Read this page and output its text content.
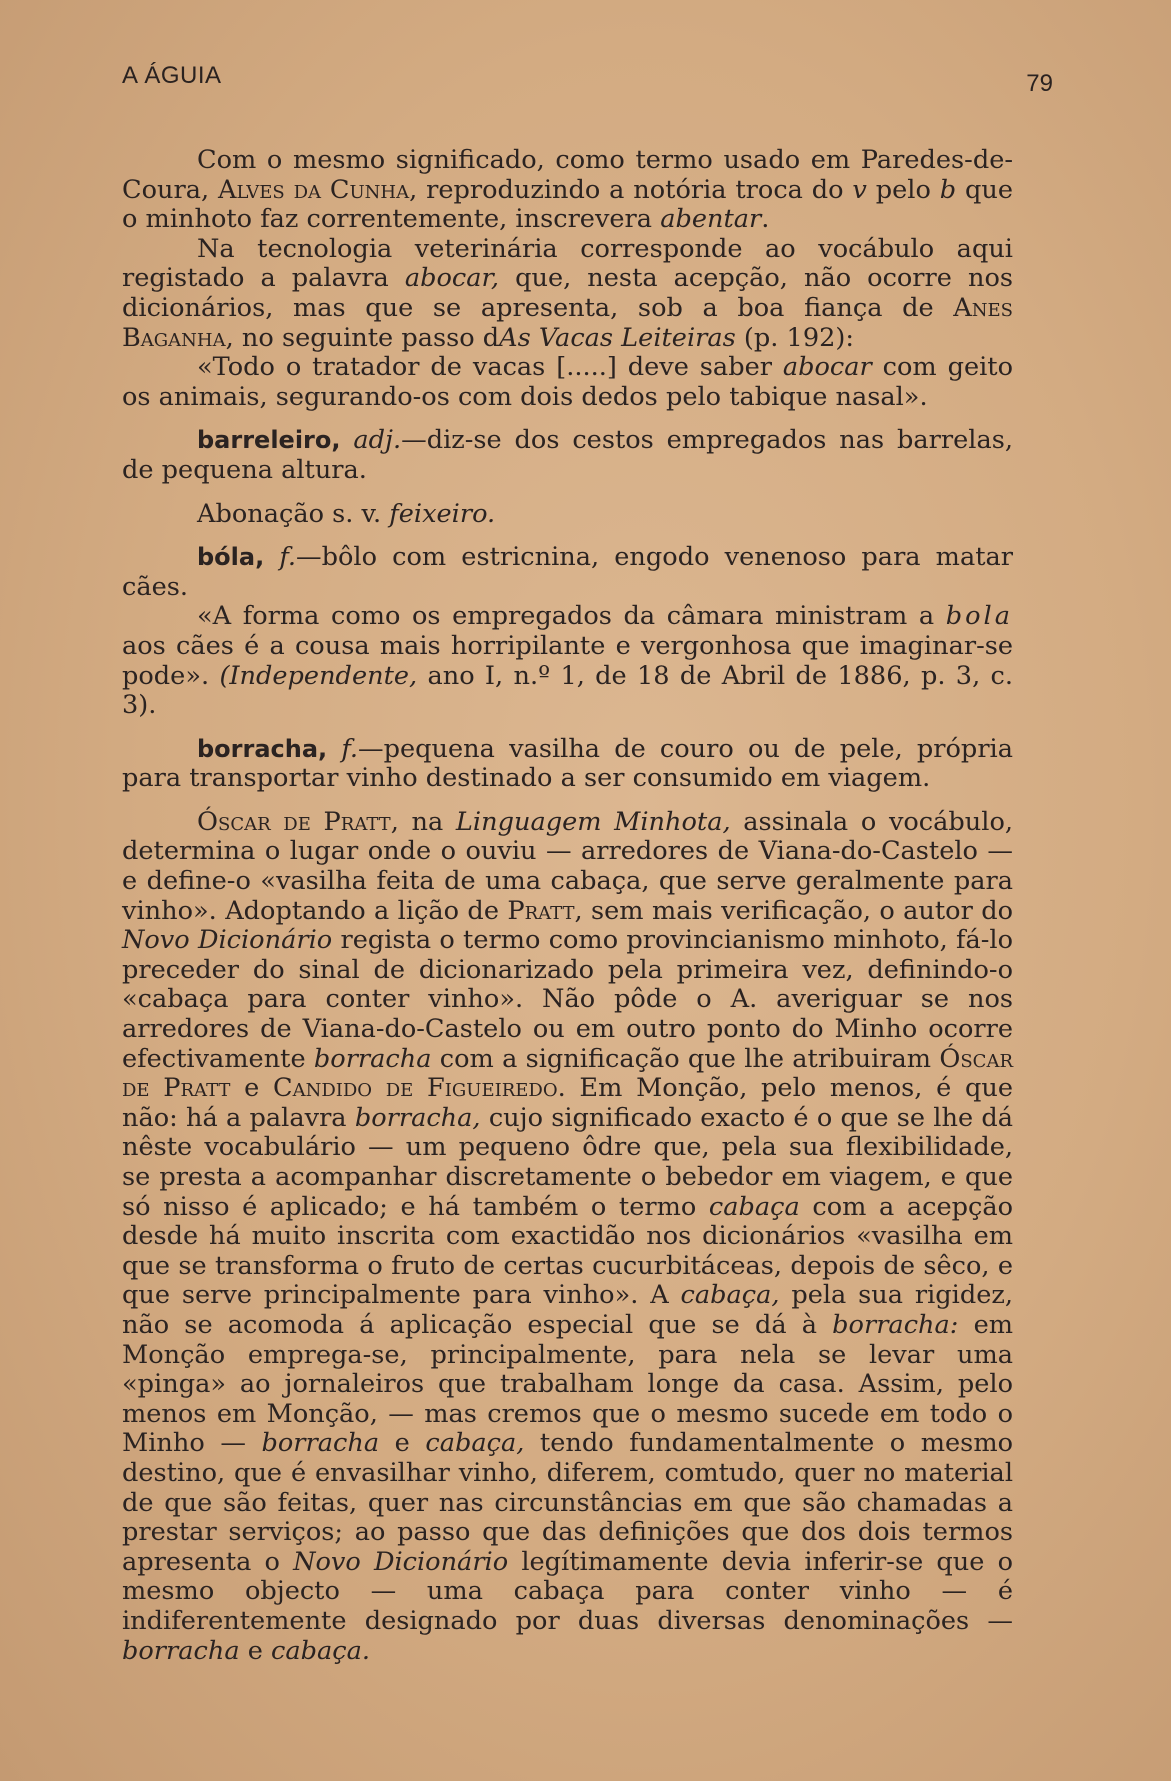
A ÁGUIA	79

Com o mesmo significado, como termo usado em Paredes-de-Coura, Alves da Cunha, reproduzindo a notória troca do v pelo b que o minhoto faz correntemente, inscrevera abentar.

Na tecnologia veterinária corresponde ao vocábulo aqui registado a palavra abocar, que, nesta acepção, não ocorre nos dicionários, mas que se apresenta, sob a boa fiança de Anes Baganha, no seguinte passo dAs Vacas Leiteiras (p. 192):

«Todo o tratador de vacas [.....] deve saber abocar com geito os animais, segurando-os com dois dedos pelo tabique nasal».

barreleiro, adj.—diz-se dos cestos empregados nas barrelas, de pequena altura.

Abonação s. v. feixeiro.

bóla, f.—bôlo com estricnina, engodo venenoso para matar cães.

«A forma como os empregados da câmara ministram a bola aos cães é a cousa mais horripilante e vergonhosa que imaginar-se pode». (Independente, ano I, n.º 1, de 18 de Abril de 1886, p. 3, c. 3).

borracha, f.—pequena vasilha de couro ou de pele, própria para transportar vinho destinado a ser consumido em viagem.

Óscar de Pratt, na Linguagem Minhota, assinala o vocábulo, determina o lugar onde o ouviu — arredores de Viana-do-Castelo — e define-o «vasilha feita de uma cabaça, que serve geralmente para vinho». Adoptando a lição de Pratt, sem mais verificação, o autor do Novo Dicionário regista o termo como provincianismo minhoto, fá-lo preceder do sinal de dicionarizado pela primeira vez, definindo-o «cabaça para conter vinho». Não pôde o A. averiguar se nos arredores de Viana-do-Castelo ou em outro ponto do Minho ocorre efectivamente borracha com a significação que lhe atribuiram Óscar de Pratt e Candido de Figueiredo. Em Monção, pelo menos, é que não: há a palavra borracha, cujo significado exacto é o que se lhe dá nêste vocabulário — um pequeno ôdre que, pela sua flexibilidade, se presta a acompanhar discretamente o bebedor em viagem, e que só nisso é aplicado; e há também o termo cabaça com a acepção desde há muito inscrita com exactidão nos dicionários «vasilha em que se transforma o fruto de certas cucurbitáceas, depois de sêco, e que serve principalmente para vinho». A cabaça, pela sua rigidez, não se acomoda á aplicação especial que se dá à borracha: em Monção emprega-se, principalmente, para nela se levar uma «pinga» ao jornaleiros que trabalham longe da casa. Assim, pelo menos em Monção, — mas cremos que o mesmo sucede em todo o Minho — borracha e cabaça, tendo fundamentalmente o mesmo destino, que é envasilhar vinho, diferem, comtudo, quer no material de que são feitas, quer nas circunstâncias em que são chamadas a prestar serviços; ao passo que das definições que dos dois termos apresenta o Novo Dicionário legítimamente devia inferir-se que o mesmo objecto — uma cabaça para conter vinho — é indiferentemente designado por duas diversas denominações — borracha e cabaça.
